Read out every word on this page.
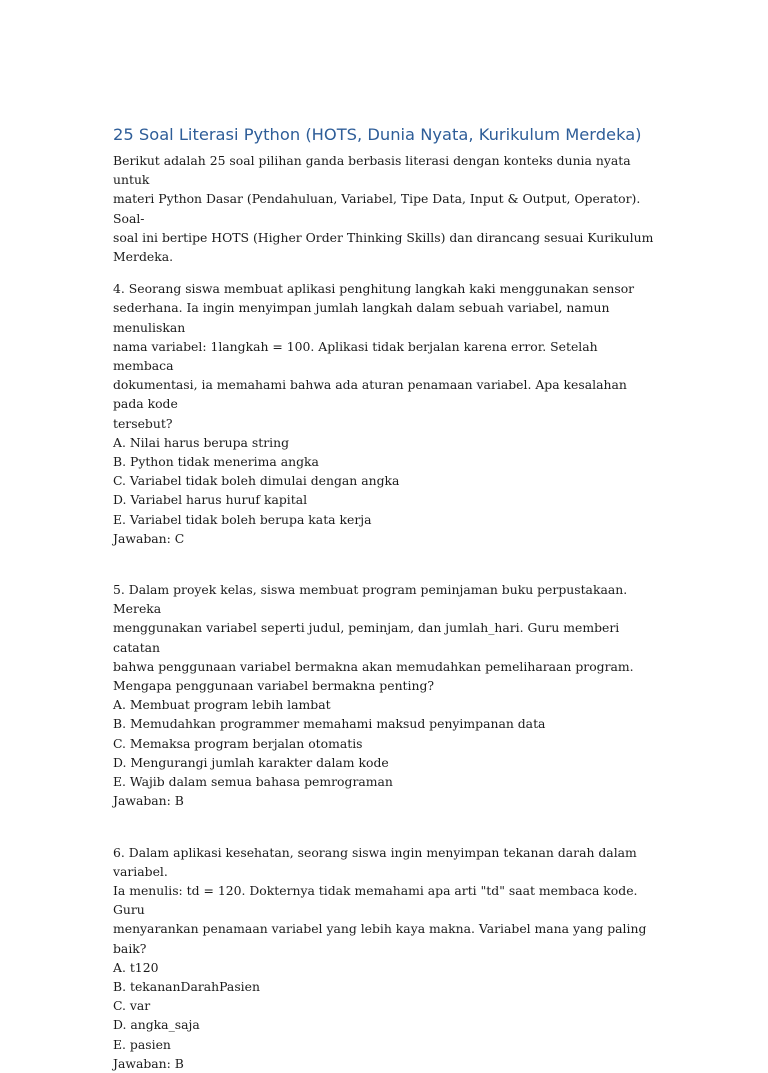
25 Soal Literasi Python (HOTS, Dunia Nyata, Kurikulum Merdeka)
Berikut adalah 25 soal pilihan ganda berbasis literasi dengan konteks dunia nyata untuk
materi Python Dasar (Pendahuluan, Variabel, Tipe Data, Input & Output, Operator). Soal-
soal ini bertipe HOTS (Higher Order Thinking Skills) dan dirancang sesuai Kurikulum
Merdeka.
4. Seorang siswa membuat aplikasi penghitung langkah kaki menggunakan sensor
sederhana. Ia ingin menyimpan jumlah langkah dalam sebuah variabel, namun menuliskan
nama variabel: 1langkah = 100. Aplikasi tidak berjalan karena error. Setelah membaca
dokumentasi, ia memahami bahwa ada aturan penamaan variabel. Apa kesalahan pada kode
tersebut?
A. Nilai harus berupa string
B. Python tidak menerima angka
C. Variabel tidak boleh dimulai dengan angka
D. Variabel harus huruf kapital
E. Variabel tidak boleh berupa kata kerja
Jawaban: C
5. Dalam proyek kelas, siswa membuat program peminjaman buku perpustakaan. Mereka
menggunakan variabel seperti judul, peminjam, dan jumlah_hari. Guru memberi catatan
bahwa penggunaan variabel bermakna akan memudahkan pemeliharaan program.
Mengapa penggunaan variabel bermakna penting?
A. Membuat program lebih lambat
B. Memudahkan programmer memahami maksud penyimpanan data
C. Memaksa program berjalan otomatis
D. Mengurangi jumlah karakter dalam kode
E. Wajib dalam semua bahasa pemrograman
Jawaban: B
6. Dalam aplikasi kesehatan, seorang siswa ingin menyimpan tekanan darah dalam variabel.
Ia menulis: td = 120. Dokternya tidak memahami apa arti "td" saat membaca kode. Guru
menyarankan penamaan variabel yang lebih kaya makna. Variabel mana yang paling baik?
A. t120
B. tekananDarahPasien
C. var
D. angka_saja
E. pasien
Jawaban: B
